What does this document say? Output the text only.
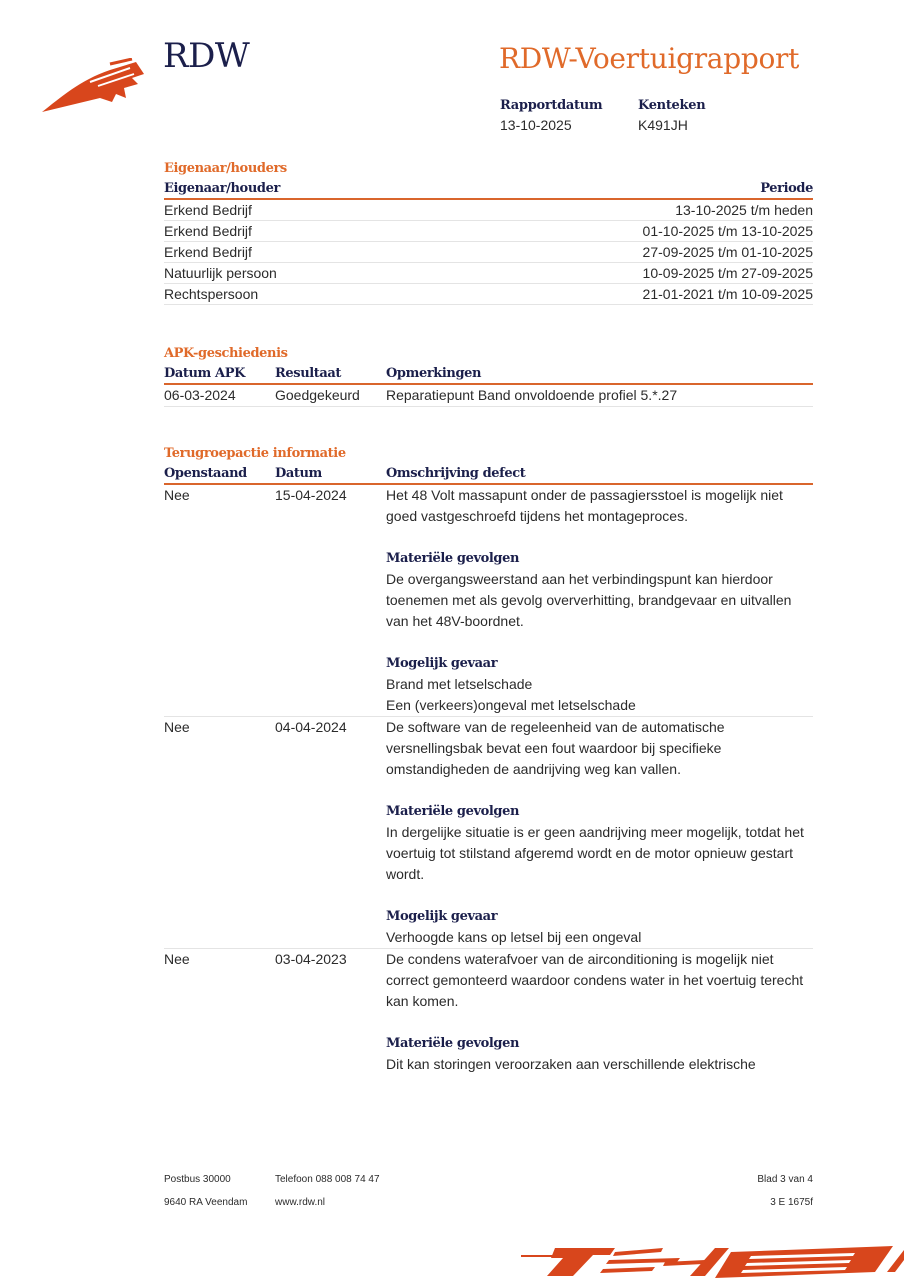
RDW	RDW-Voertuigrapport
Rapportdatum
13-10-2025
Kenteken
K491JH
Eigenaar/houders
Eigenaar/houder	Periode
Erkend Bedrijf	13-10-2025 t/m heden
Erkend Bedrijf	01-10-2025 t/m 13-10-2025
Erkend Bedrijf	27-09-2025 t/m 01-10-2025
Natuurlijk persoon	10-09-2025 t/m 27-09-2025
Rechtspersoon	21-01-2021 t/m 10-09-2025
APK-geschiedenis
Datum APK	Resultaat	Opmerkingen
06-03-2024	Goedgekeurd	Reparatiepunt Band onvoldoende profiel 5.*.27
Terugroepactie informatie
Openstaand	Datum	Omschrijving defect
Nee	15-04-2024	Het 48 Volt massapunt onder de passagiersstoel is mogelijk niet

goed vastgeschroefd tijdens het montageproces.

Materiële gevolgen

De overgangsweerstand aan het verbindingspunt kan hierdoor

toenemen met als gevolg oververhitting, brandgevaar en uitvallen

van het 48V-boordnet.

Mogelijk gevaar

Brand met letselschade

Een (verkeers)ongeval met letselschade

Nee	04-04-2024	De software van de regeleenheid van de automatische

versnellingsbak bevat een fout waardoor bij specifieke

omstandigheden de aandrijving weg kan vallen.

Materiële gevolgen

In dergelijke situatie is er geen aandrijving meer mogelijk, totdat het

voertuig tot stilstand afgeremd wordt en de motor opnieuw gestart

wordt.

Mogelijk gevaar

Verhoogde kans op letsel bij een ongeval

Nee	03-04-2023	De condens waterafvoer van de airconditioning is mogelijk niet

correct gemonteerd waardoor condens water in het voertuig terecht

kan komen.

Materiële gevolgen

Dit kan storingen veroorzaken aan verschillende elektrische

Postbus 30000
9640 RA Veendam
Telefoon 088 008 74 47
www.rdw.nl
Blad 3 van 4
3 E 1675f
